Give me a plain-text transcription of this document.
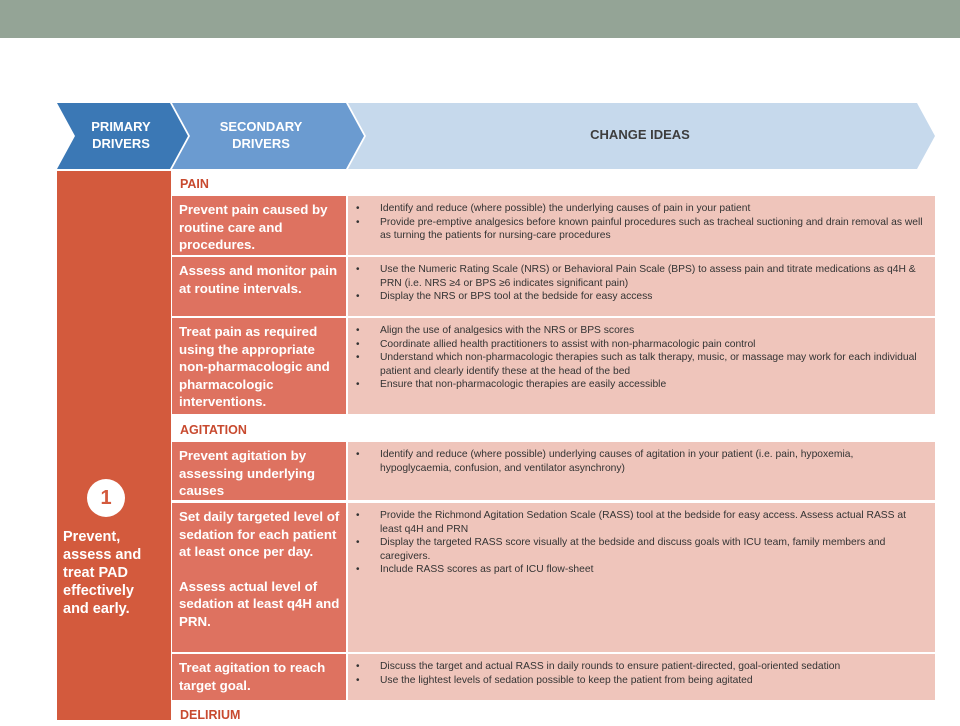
PRIMARY
DRIVERS
SECONDARY
DRIVERS
CHANGE IDEAS
1
Prevent,
assess and
treat PAD
effectively
and early.
PAIN
Prevent pain caused by routine care and procedures.
• Identify and reduce (where possible) the underlying causes of pain in your patient
• Provide pre-emptive analgesics before known painful procedures such as tracheal suctioning and drain removal as well as turning the patients for nursing-care procedures
Assess and monitor pain at routine intervals.
• Use the Numeric Rating Scale (NRS) or Behavioral Pain Scale (BPS) to assess pain and titrate medications as q4H & PRN (i.e. NRS ≥4 or BPS ≥6 indicates significant pain)
• Display the NRS or BPS tool at the bedside for easy access
Treat pain as required using the appropriate non-pharmacologic and pharmacologic interventions.
• Align the use of analgesics with the NRS or BPS scores
• Coordinate allied health practitioners to assist with non-pharmacologic pain control
• Understand which non-pharmacologic therapies such as talk therapy, music, or massage may work for each individual patient and clearly identify these at the head of the bed
• Ensure that non-pharmacologic therapies are easily accessible
AGITATION
Prevent agitation by assessing underlying causes
• Identify and reduce (where possible) underlying causes of agitation in your patient (i.e. pain, hypoxemia, hypoglycaemia, confusion, and ventilator asynchrony)
Set daily targeted level of sedation for each patient at least once per day.
Assess actual level of sedation at least q4H and PRN.
• Provide the Richmond Agitation Sedation Scale (RASS) tool at the bedside for easy access. Assess actual RASS at least q4H and PRN
• Display the targeted RASS score visually at the bedside and discuss goals with ICU team, family members and caregivers.
• Include RASS scores as part of ICU flow-sheet
Treat agitation to reach target goal.
• Discuss the target and actual RASS in daily rounds to ensure patient-directed, goal-oriented sedation
• Use the lightest levels of sedation possible to keep the patient from being agitated
DELIRIUM
